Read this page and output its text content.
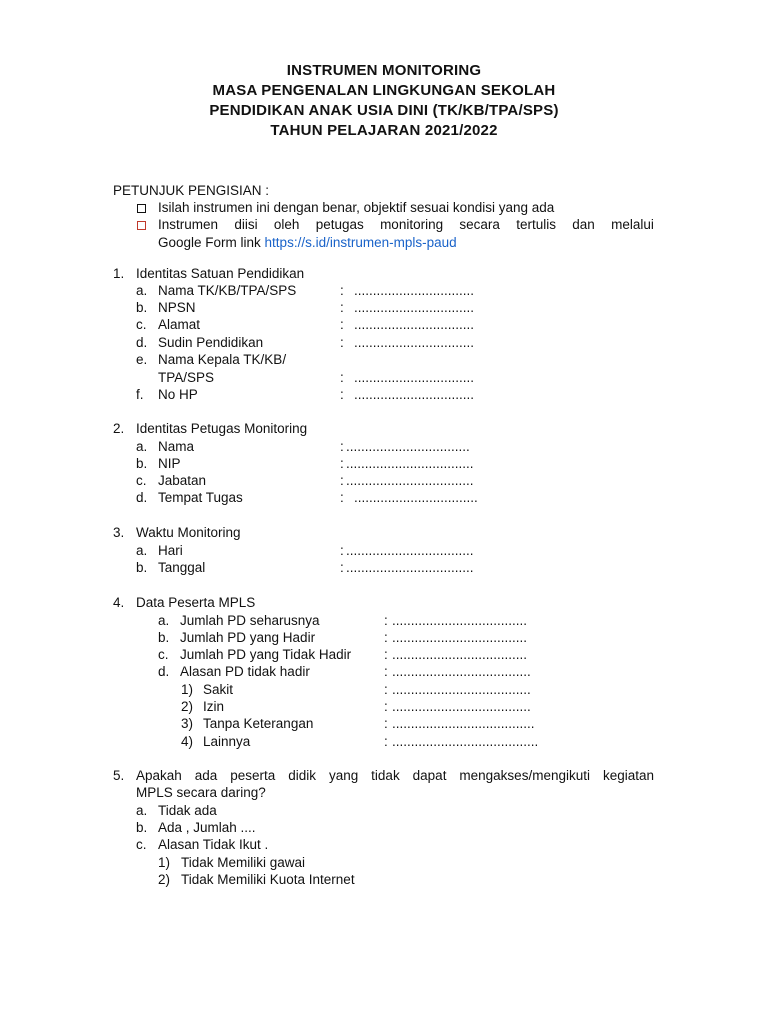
INSTRUMEN MONITORING
MASA PENGENALAN LINGKUNGAN SEKOLAH
PENDIDIKAN ANAK USIA DINI (TK/KB/TPA/SPS)
TAHUN PELAJARAN 2021/2022
PETUNJUK PENGISIAN :
Isilah instrumen ini dengan benar, objektif sesuai kondisi yang ada
Instrumen diisi oleh petugas monitoring secara tertulis dan melalui
Google Form link https://s.id/instrumen-mpls-paud
1. Identitas Satuan Pendidikan
a. Nama TK/KB/TPA/SPS	: ................................
b. NPSN	: ................................
c. Alamat	: ................................
d. Sudin Pendidikan	: ................................
e. Nama Kepala TK/KB/
TPA/SPS	: ................................
f. No HP	: ................................
2. Identitas Petugas Monitoring
a. Nama	: .................................
b. NIP	: ..................................
c. Jabatan	: ..................................
d. Tempat Tugas	: .................................
3. Waktu Monitoring
a. Hari	: ..................................
b. Tanggal	: ..................................
4. Data Peserta MPLS
a. Jumlah PD seharusnya	: ....................................
b. Jumlah PD yang Hadir	: ....................................
c. Jumlah PD yang Tidak Hadir : ....................................
d. Alasan PD tidak hadir	: .....................................
1) Sakit	: .....................................
2) Izin	: .....................................
3) Tanpa Keterangan	: ......................................
4) Lainnya	: .......................................
5. Apakah ada peserta didik yang tidak dapat mengakses/mengikuti kegiatan
MPLS secara daring?
a. Tidak ada
b. Ada , Jumlah ....
c. Alasan Tidak Ikut .
1) Tidak Memiliki gawai
2) Tidak Memiliki Kuota Internet
